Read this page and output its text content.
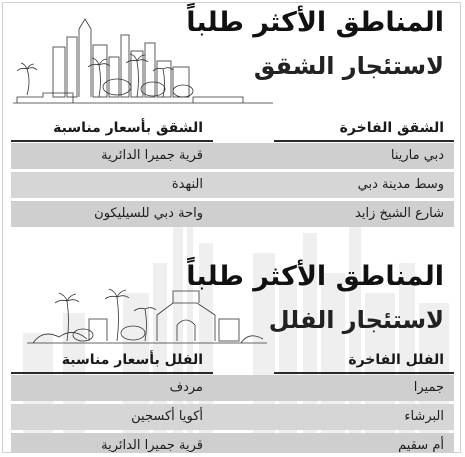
المناطق الأكثر طلباً
لاستئجار الشقق
الشقق الفاخرة
الشقق بأسعار مناسبة
دبي مارينا
قرية جميرا الدائرية
وسط مدينة دبي
النهدة
شارع الشيخ زايد
واحة دبي للسيليكون
المناطق الأكثر طلباً
لاستئجار الفلل
الفلل الفاخرة
الفلل بأسعار مناسبة
جميرا
مردف
البرشاء
أكويا أكسجين
أم سقيم
قرية جميرا الدائرية
